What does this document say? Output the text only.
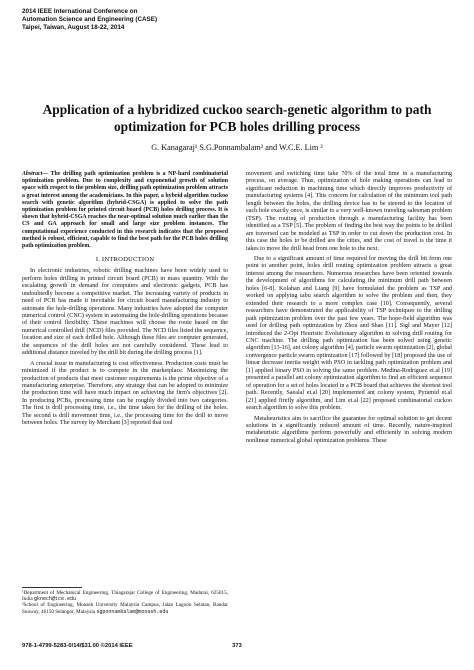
2014 IEEE International Conference on
Automation Science and Engineering (CASE)
Taipei, Taiwan, August 18-22, 2014
Application of a hybridized cuckoo search-genetic algorithm to path
optimization for PCB holes drilling process
G. Kanagaraj¹ S.G.Ponnambalam² and W.C.E. Lim ²
Abstract— The drilling path optimization problem is a NP-hard combinatorial optimization problem. Due to complexity and exponential growth of solution space with respect to the problem size, drilling path optimization problem attracts a great interest among the academicians. In this paper, a hybrid algorithm cuckoo search with genetic algorithm (hybrid-CSGA) is applied to solve the path optimization problem for printed circuit board (PCB) holes drilling process. It is shown that hybrid-CSGA reaches the near-optimal solution much earlier than the CS and GA approach for small and large size problem instances. The computational experience conducted in this research indicates that the proposed method is robust, efficient, capable to find the best path for the PCB holes drilling path optimization problem.
I. INTRODUCTION

In electronic industries, robotic drilling machines have been widely used to perform holes drilling in printed circuit board (PCB) in mass quantity. With the escalating growth in demand for computers and electronic gadgets, PCB has undoubtedly become a competitive market. The increasing variety of products in need of PCB has made it inevitable for circuit board manufacturing industry to automate the hole-drilling operations. Many industries have adopted the computer numerical control (CNC) system in automating the hole-drilling operations because of their control flexibility. These machines will choose the route based on the numerical controlled drill (NCD) files provided. The NCD files listed the sequence, location and size of each drilled hole. Although these files are computer generated, the sequences of the drill holes are not carefully considered. These lead to additional distance traveled by the drill bit during the drilling process [1].

A crucial issue in manufacturing is cost effectiveness. Production costs must be minimized if the product is to compete in the marketplace. Maximizing the production of products that meet customer requirements is the prime objective of a manufacturing enterprise. Therefore, any strategy that can be adopted to minimize the production time will have much impact on achieving the firm's objectives [2]. In producing PCBs, processing time can be roughly divided into two categories. The first is drill processing time, i.e., the time taken for the drilling of the holes. The second is drill movement time, i.e., the processing time for the drill to move between holes. The survey by Merchant [3] reported that tool

¹Department of Mechanical Engineering, Thiagarajar College of Engineering, Madurai, 625015, India gknech@tce.edu
²School of Engineering, Monash University Malaysia Campus, Jalan Lagoon Selatan, Bandar Sunway, 46150 Selangor, Malaysia sgponnambalam@monash.edu

movement and switching time take 70% of the total time in a manufacturing process, on average. Thus, optimization of hole making operations can lead to significant reduction in machining time which directly improves productivity of manufacturing systems [4]. This concern for calculation of the minimum tool path length between the holes, the drilling device has to be steered to the location of each hole exactly once, is similar to a very well-known traveling salesman problem (TSP). The routing of production through a manufacturing facility has been identified as a TSP [5]. The problem of finding the best way the points to be drilled are traversed can be modeled as TSP in order to cut down the production cost. In this case the holes to be drilled are the cities, and the cost of travel is the time it takes to move the drill head from one hole to the next.

Due to a significant amount of time required for moving the drill bit from one point to another point, holes drill routing optimization problem attracts a great interest among the researchers. Numerous researches have been oriented towards the development of algorithms for calculating the minimum drill path between holes [6-8]. Kolahan and Liang [9] have formulated the problem as TSP and worked on applying tabu search algorithm to solve the problem and then, they extended their research to a more complex case [10]. Consequently, several researchers have demonstrated the applicability of TSP techniques to the drilling path optimization problem over the past few years. The hope-field algorithm was used for drilling path optimization by Zhou and Shao [11]. Sigl and Mayer [12] introduced the 2-Opt Heuristic Evolutionary algorithm in solving drill routing for CNC machine. The drilling path optimization has been solved using genetic algorithm [13-16], ant colony algorithm [4], particle swarm optimization [2], global convergence particle swarm optimization [17] followed by [18] proposed the use of linear decrease inertia weight with PSO in tackling path optimization problem and [1] applied binary PSO in solving the same problem. Medina-Rodriguez et.al [19] presented a parallel ant colony optimization algorithm to find an efficient sequence of operation for a set of holes located in a PCB board that achieves the shortest tool path. Recently, Saealal et.al [20] implemented ant colony system, Pyramid et.al [21] applied firefly algorithm, and Lim et.al [22] proposed combinatorial cuckoo search algorithm to solve this problem.

Metaheuristics aim to sacrifice the guarantee for optimal solution to get decent solutions in a significantly reduced amount of time. Recently, nature-inspired metaheuristic algorithms perform powerfully and efficiently in solving modern nonlinear numerical global optimization problems. These

978-1-4799-5283-0/14/$31.00 ©2014 IEEE	373
